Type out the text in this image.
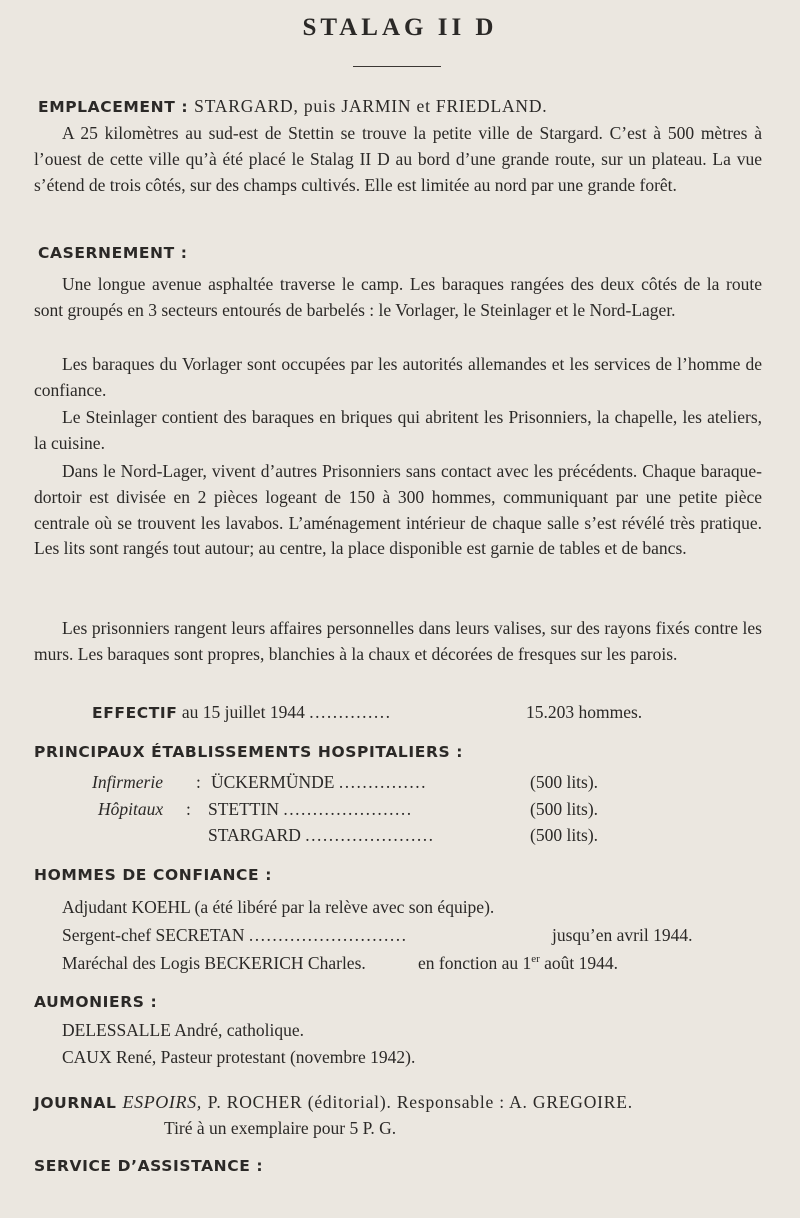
STALAG II D
EMPLACEMENT : STARGARD, puis JARMIN et FRIEDLAND.

A 25 kilomètres au sud-est de Stettin se trouve la petite ville de Stargard. C’est à 500 mètres à l’ouest de cette ville qu’à été placé le Stalag II D au bord d’une grande route, sur un plateau. La vue s’étend de trois côtés, sur des champs cultivés. Elle est limitée au nord par une grande forêt.

CASERNEMENT :

Une longue avenue asphaltée traverse le camp. Les baraques rangées des deux côtés de la route sont groupés en 3 secteurs entourés de barbelés : le Vorlager, le Steinlager et le Nord-Lager.

Les baraques du Vorlager sont occupées par les autorités allemandes et les services de l’homme de confiance.

Le Steinlager contient des baraques en briques qui abritent les Prisonniers, la chapelle, les ateliers, la cuisine.

Dans le Nord-Lager, vivent d’autres Prisonniers sans contact avec les précédents. Chaque baraque-dortoir est divisée en 2 pièces logeant de 150 à 300 hommes, communiquant par une petite pièce centrale où se trouvent les lavabos. L’aménagement intérieur de chaque salle s’est révélé très pratique. Les lits sont rangés tout autour; au centre, la place disponible est garnie de tables et de bancs.

Les prisonniers rangent leurs affaires personnelles dans leurs valises, sur des rayons fixés contre les murs. Les baraques sont propres, blanchies à la chaux et décorées de fresques sur les parois.

EFFECTIF au 15 juillet 1944 ..............	15.203 hommes.
PRINCIPAUX ÉTABLISSEMENTS HOSPITALIERS :
Infirmerie : ÜCKERMÜNDE ...............	(500 lits).
Hôpitaux : STETTIN ......................	(500 lits).
STARGARD ......................	(500 lits).
HOMMES DE CONFIANCE :
Adjudant KOEHL (a été libéré par la relève avec son équipe).
Sergent-chef SECRETAN ...........................	jusqu’en avril 1944.
Maréchal des Logis BECKERICH Charles.	en fonction au 1er août 1944.
AUMONIERS :
DELESSALLE André, catholique.
CAUX René, Pasteur protestant (novembre 1942).
JOURNAL ESPOIRS, P. ROCHER (éditorial). Responsable : A. GREGOIRE.
Tiré à un exemplaire pour 5 P. G.
SERVICE D’ASSISTANCE :
